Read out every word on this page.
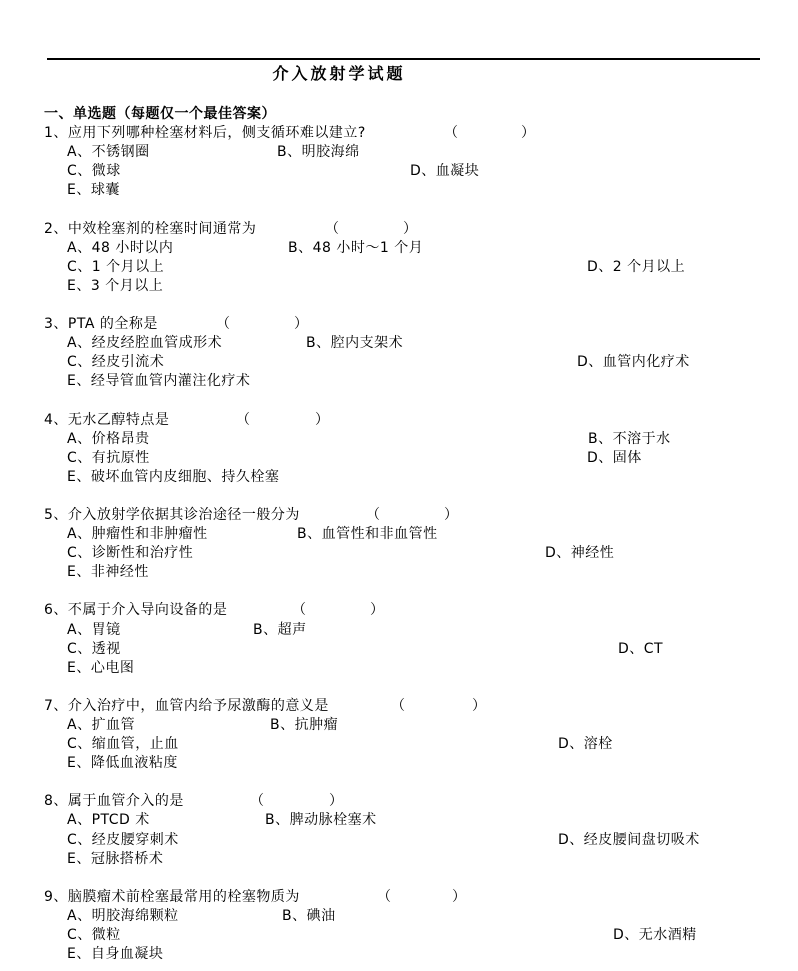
介入放射学试题
一、单选题（每题仅一个最佳答案）
1、应用下列哪种栓塞材料后，侧支循环难以建立?	（	）
A、不锈钢圈	B、明胶海绵
C、微球	D、血凝块
E、球囊
2、中效栓塞剂的栓塞时间通常为	（	）
A、48 小时以内	B、48 小时～1 个月
C、1 个月以上	D、2 个月以上
E、3 个月以上
3、PTA 的全称是	（	）
A、经皮经腔血管成形术	B、腔内支架术
C、经皮引流术	D、血管内化疗术
E、经导管血管内灌注化疗术
4、无水乙醇特点是	（	）
A、价格昂贵	B、不溶于水
C、有抗原性	D、固体
E、破坏血管内皮细胞、持久栓塞
5、介入放射学依据其诊治途径一般分为	（	）
A、肿瘤性和非肿瘤性	B、血管性和非血管性
C、诊断性和治疗性	D、神经性
E、非神经性
6、不属于介入导向设备的是	（	）
A、胃镜	B、超声
C、透视	D、CT
E、心电图
7、介入治疗中，血管内给予尿激酶的意义是	（	）
A、扩血管	B、抗肿瘤
C、缩血管，止血	D、溶栓
E、降低血液粘度
8、属于血管介入的是	（	）
A、PTCD 术	B、脾动脉栓塞术
C、经皮腰穿刺术	D、经皮腰间盘切吸术
E、冠脉搭桥术
9、脑膜瘤术前栓塞最常用的栓塞物质为	（	）
A、明胶海绵颗粒	B、碘油
C、微粒	D、无水酒精
E、自身血凝块
